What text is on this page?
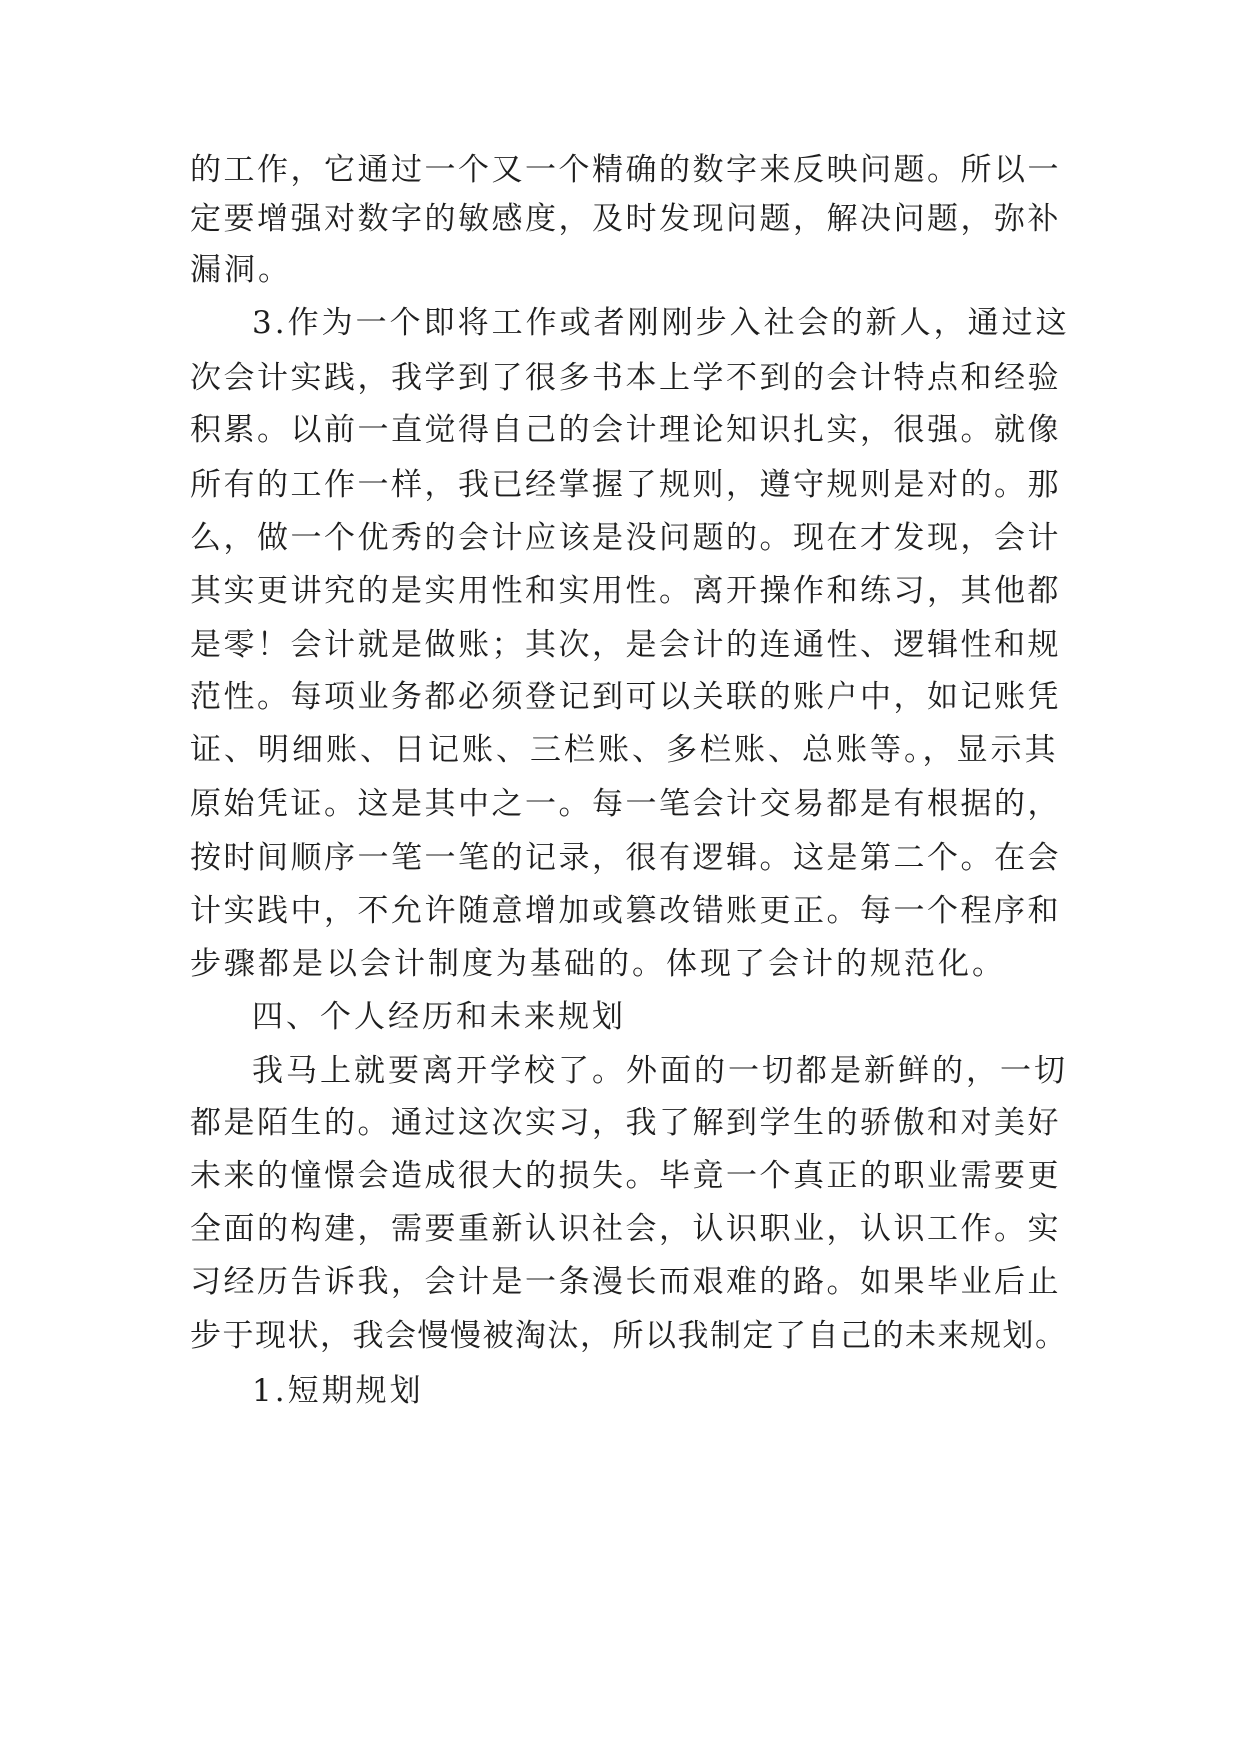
的工作，它通过一个又一个精确的数字来反映问题。所以一
定要增强对数字的敏感度，及时发现问题，解决问题，弥补
漏洞。
3.作为一个即将工作或者刚刚步入社会的新人，通过这
次会计实践，我学到了很多书本上学不到的会计特点和经验
积累。以前一直觉得自己的会计理论知识扎实，很强。就像
所有的工作一样，我已经掌握了规则，遵守规则是对的。那
么，做一个优秀的会计应该是没问题的。现在才发现，会计
其实更讲究的是实用性和实用性。离开操作和练习，其他都
是零！会计就是做账；其次，是会计的连通性、逻辑性和规
范性。每项业务都必须登记到可以关联的账户中，如记账凭
证、明细账、日记账、三栏账、多栏账、总账等。，显示其
原始凭证。这是其中之一。每一笔会计交易都是有根据的，
按时间顺序一笔一笔的记录，很有逻辑。这是第二个。在会
计实践中，不允许随意增加或篡改错账更正。每一个程序和
步骤都是以会计制度为基础的。体现了会计的规范化。
四、个人经历和未来规划
我马上就要离开学校了。外面的一切都是新鲜的，一切
都是陌生的。通过这次实习，我了解到学生的骄傲和对美好
未来的憧憬会造成很大的损失。毕竟一个真正的职业需要更
全面的构建，需要重新认识社会，认识职业，认识工作。实
习经历告诉我，会计是一条漫长而艰难的路。如果毕业后止
步于现状，我会慢慢被淘汰，所以我制定了自己的未来规划。
1.短期规划
